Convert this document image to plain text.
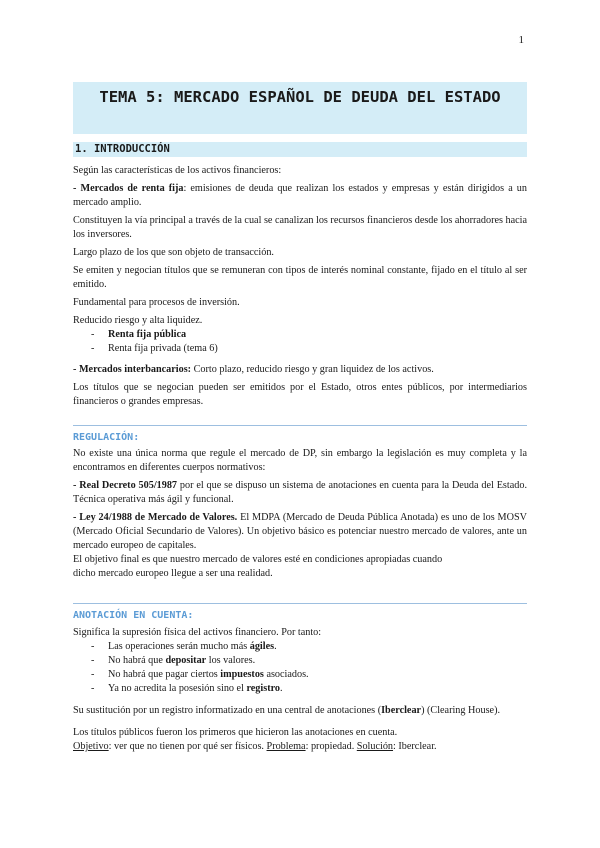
1
TEMA 5: MERCADO ESPAÑOL DE DEUDA DEL ESTADO
1. INTRODUCCIÓN

Según las características de los activos financieros:

- Mercados de renta fija: emisiones de deuda que realizan los estados y empresas y están dirigidos a un mercado amplio.

Constituyen la vía principal a través de la cual se canalizan los recursos financieros desde los ahorradores hacia los inversores.

Largo plazo de los que son objeto de transacción.

Se emiten y negocian títulos que se remuneran con tipos de interés nominal constante, fijado en el título al ser emitido.

Fundamental para procesos de inversión.

Reducido riesgo y alta liquidez.

-	Renta fija pública
-	Renta fija privada (tema 6)

- Mercados interbancarios: Corto plazo, reducido riesgo y gran liquidez de los activos.

Los títulos que se negocian pueden ser emitidos por el Estado, otros entes públicos, por intermediarios financieros o grandes empresas.

REGULACIÓN:

No existe una única norma que regule el mercado de DP, sin embargo la legislación es muy completa y la encontramos en diferentes cuerpos normativos:

- Real Decreto 505/1987 por el que se dispuso un sistema de anotaciones en cuenta para la Deuda del Estado. Técnica operativa más ágil y funcional.

- Ley 24/1988 de Mercado de Valores. El MDPA (Mercado de Deuda Pública Anotada) es uno de los MOSV (Mercado Oficial Secundario de Valores). Un objetivo básico es potenciar nuestro mercado de valores, ante un mercado europeo de capitales.

El objetivo final es que nuestro mercado de valores esté en condiciones apropiadas cuando

dicho mercado europeo llegue a ser una realidad.

ANOTACIÓN EN CUENTA:

Significa la supresión física del activos financiero. Por tanto:

-	Las operaciones serán mucho más ágiles.
-	No habrá que depositar los valores.
-	No habrá que pagar ciertos impuestos asociados.
-	Ya no acredita la posesión sino el registro.

Su sustitución por un registro informatizado en una central de anotaciones (Iberclear) (Clearing House).

Los títulos públicos fueron los primeros que hicieron las anotaciones en cuenta.

Objetivo: ver que no tienen por qué ser físicos. Problema: propiedad. Solución: Iberclear.
